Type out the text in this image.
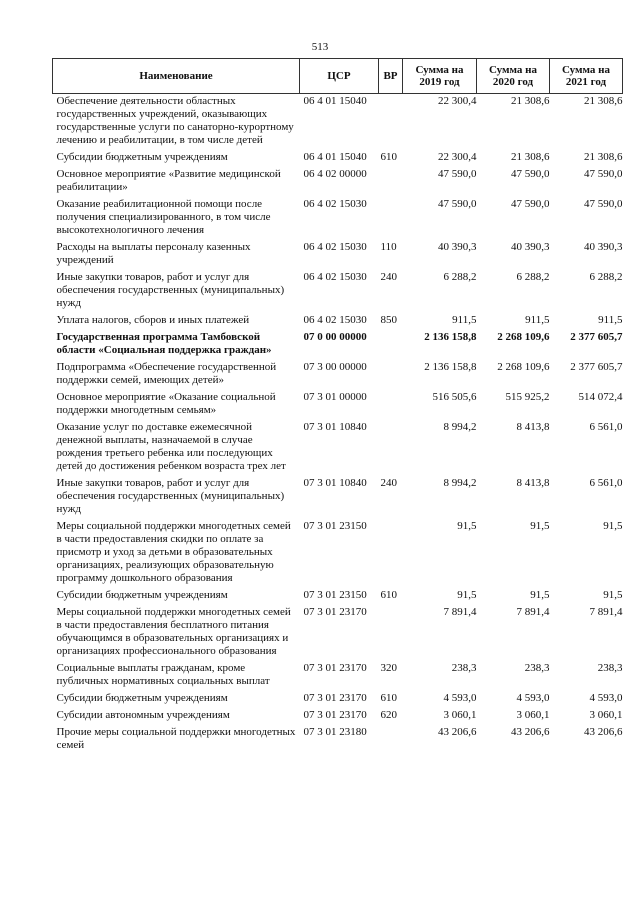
513
Наименование	ЦСР	ВР	Сумма на 2019 год	Сумма на 2020 год	Сумма на 2021 год
Обеспечение деятельности областных государственных учреждений, оказывающих государственные услуги по санаторно-курортному лечению и реабилитации, в том числе детей	06 4 01 15040		22 300,4	21 308,6	21 308,6
Субсидии бюджетным учреждениям	06 4 01 15040	610	22 300,4	21 308,6	21 308,6
Основное мероприятие «Развитие медицинской реабилитации»	06 4 02 00000		47 590,0	47 590,0	47 590,0
Оказание реабилитационной помощи после получения специализированного, в том числе высокотехнологичного лечения	06 4 02 15030		47 590,0	47 590,0	47 590,0
Расходы на выплаты персоналу казенных учреждений	06 4 02 15030	110	40 390,3	40 390,3	40 390,3
Иные закупки товаров, работ и услуг для обеспечения государственных (муниципальных) нужд	06 4 02 15030	240	6 288,2	6 288,2	6 288,2
Уплата налогов, сборов и иных платежей	06 4 02 15030	850	911,5	911,5	911,5
Государственная программа Тамбовской области «Социальная поддержка граждан»	07 0 00 00000		2 136 158,8	2 268 109,6	2 377 605,7
Подпрограмма «Обеспечение государственной поддержки семей, имеющих детей»	07 3 00 00000		2 136 158,8	2 268 109,6	2 377 605,7
Основное мероприятие «Оказание социальной поддержки многодетным семьям»	07 3 01 00000		516 505,6	515 925,2	514 072,4
Оказание услуг по доставке ежемесячной денежной выплаты, назначаемой в случае рождения третьего ребенка или последующих детей до достижения ребенком возраста трех лет	07 3 01 10840		8 994,2	8 413,8	6 561,0
Иные закупки товаров, работ и услуг для обеспечения государственных (муниципальных) нужд	07 3 01 10840	240	8 994,2	8 413,8	6 561,0
Меры социальной поддержки многодетных семей в части предоставления скидки по оплате за присмотр и уход за детьми в образовательных организациях, реализующих образовательную программу дошкольного образования	07 3 01 23150		91,5	91,5	91,5
Субсидии бюджетным учреждениям	07 3 01 23150	610	91,5	91,5	91,5
Меры социальной поддержки многодетных семей в части предоставления бесплатного питания обучающимся в образовательных организациях и организациях профессионального образования	07 3 01 23170		7 891,4	7 891,4	7 891,4
Социальные выплаты гражданам, кроме публичных нормативных социальных выплат	07 3 01 23170	320	238,3	238,3	238,3
Субсидии бюджетным учреждениям	07 3 01 23170	610	4 593,0	4 593,0	4 593,0
Субсидии автономным учреждениям	07 3 01 23170	620	3 060,1	3 060,1	3 060,1
Прочие меры социальной поддержки многодетных семей	07 3 01 23180		43 206,6	43 206,6	43 206,6
